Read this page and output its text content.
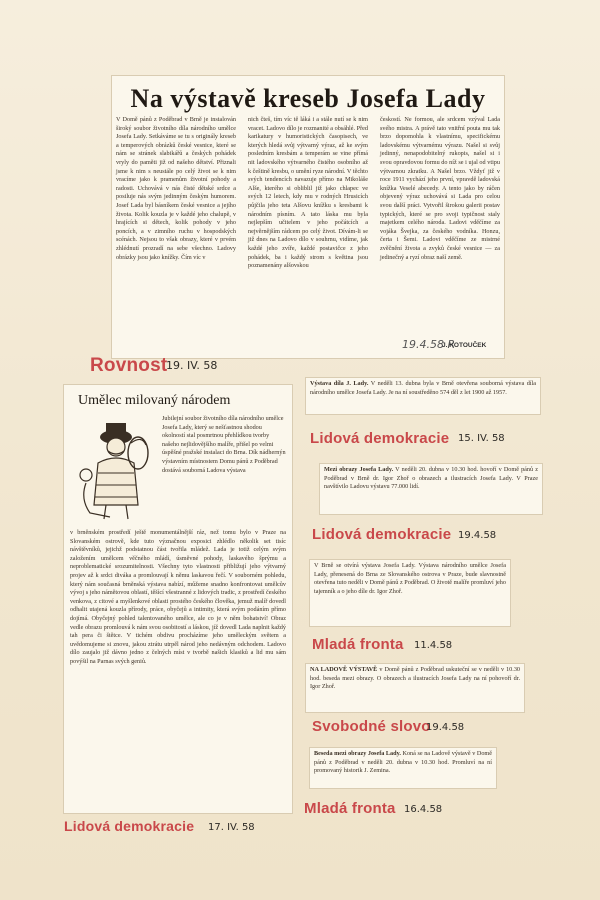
Na výstavě kreseb Josefa Lady

V Domě pánů z Poděbrad v Brně je instalován široký soubor životního díla národního umělce Josefa Lady. Setkáváme se tu s originály kreseb a temperových obrázků české vesnice, které se nám se stránek slabikářů a českých pohádek vryly do paměti již od našeho dětství. Přiznali jsme k nim s neustále po celý život se k nim vracíme jako k pramenům životní pohody a radosti. Uchovává v nás čisté dětské srdce a posiluje nás svým jedinným českým humorem. Josef Lada byl básníkem české vesnice a jejího života. Kolik kouzla je v každé jeho chalupě, v hrajících si dětech, kolik pohody v jeho poncích, a v zimního ruchu v hospodských scénách. Nejsou to však obrazy, které v prvém zhlédnutí prozradí na sebe všechno. Ladovy obrázky jsou jako knížky. Čím víc v

nich čteš, tím víc tě láká i a stále nutí se k nim vracet. Ladovo dílo je rozmanité a obsáhlé. Před karikatury v humoristických časopisech, ve kterých hledá svůj výtvarný výraz, až ke svým posledním kresbám a temperám se vine přímá nit ladovského výtvarného čistého osobního až k češtině kresbu, o umění ryze národní. V těchto svých tendencích navazuje přímo na Mikoláše Alše, kterého si obliblil již jako chlapec ve svých 12 letech, kdy mu v rodných Hrusicích půjčila jeho teta Alšovu knížku s kresbami k národním písním. A tato láska mu byla nejlepším učitelem v jeho počátcích a nejvěrnějším rádcem po celý život. Dívám-li se již dnes na Ladovo dílo v souhrnu, vidíme, jak každé jeho zvíře, každé postavičce z jeho pohádek, ba i každý strom s květina jsou poznamenány alšovskou

českostí. Ne formou, ale srdcem vzýval Lada svého mistra. A právě tato vnitřní pouta mu tak brzo dopomohla k vlastnímu, specifickému ladovskému výtvarnému výrazu. Našel si svůj jedinný, nenapodobitelný rukopis, našel si i svou opravdovou formu do níž se i ujal od vtipu výtvarnou zkratku. A Našel brzo. Vždyť již v roce 1911 vychází jeho první, vpravdě ladovská knížka Veselé abecedy. A tento jako by ráčen objevený výraz uchovává si Lada pro celou svou další práci. Vytvořil širokou galerii postav typických, které se pro svoji typičnost staly majetkem celého národa. Ladovi vděčíme za vojáka Švejka, za českého vodníka. Honzu, čerta i Šemi. Ladovi vděčíme ze mistrné zvěčnění života a zvyků české vesnice — za jedinečný a ryzí obraz naší země.

19.4.58 R
J. KOTOUČEK
Rovnost
19. IV. 58
Umělec milovaný národem

Jubilejní soubor životního díla národního umělce Josefa Lady, který se nešťastnou shodou okolností stal posmrtnou přehlídkou tvorby našeho nejlidovějšího malíře, přišel po velmi úspěšné pražské instalaci do Brna. Dík nádhernýn výstavním místnostem Domu pánů z Poděbrad dostává souborná Ladova výstava

v brněnském prostředí ještě monumentálnější ráz, než tomu bylo v Praze na Slovanském ostrově, kde tuto význačnou exposici zhlédlo několik set tisíc návštěvníků, jejichž podstatnou část tvořila mládež. Lada je totiž celým svým založením umělcem věčného mládí, úsměvné pohody, laskavého šprýmu a neproblematické srozumitelnosti. Všechny tyto vlastnosti přibližují jeho výtvarný projev až k srdci diváka a promlouvají k němu laskavou řečí. V souborném pohledu, který nám současná brněnská výstava nabízí, můžeme snadno konfrontovat umělcův vývoj s jeho námětovou oblastí, těšící všestranné z lidových tradic, z prostředí českého venkova, z citové a myšlenkové oblasti prostého českého člověka, jemuž malíř dovedl odhalit utajená kouzla přírody, práce, obyčejů a intimity, která svým podáním přímo dojímá. Obyčejný pohled talentovaného umělce, ale co je v něm bohatství! Obraz vedle obrazu promlouvá k nám svou osobitostí a láskou, jíž dovedl Lada naplnit každý tah pera či štětce. V tichém obdivu procházíme jeho uměleckým světem a uvědomujeme si znovu, jakou ztrátu utrpěl národ jeho nedávným odchodem. Ladovo dílo zaujalo již dávno jedno z čelných míst v tvorbě našich klasiků a lid mu sám povýšil na Parnas svých geniů.

Lidová demokracie 17. IV. 58

Výstava díla J. Lady. V neděli 13. dubna byla v Brně otevřena souborná výstava díla národního umělce Josefa Lady. Je na ní soustředěno 574 děl z let 1900 až 1957.

Lidová demokracie 15. IV. 58

Mezi obrazy Josefa Lady. V neděli 20. dubna v 10.30 hod. hovoří v Domě pánů z Poděbrad v Brně dr. Igor Zhoř o obrazech a ilustracích Josefa Lady. V Praze navštívilo Ladovu výstavu 77.000 lidí.

Lidová demokracie 19.4.58

V Brně se otvírá výstava Josefa Lady. Výstava národního umělce Josefa Lady, přenesená do Brna ze Slovanského ostrova v Praze, bude slavnostně otevřena tuto neděli v Domě pánů z Poděbrad. O životě malíře promluví jeho tajemník a o jeho díle dr. Igor Zhoř.

Mladá fronta 11.4.58

NA LADOVĚ VÝSTAVĚ v Domě pánů z Poděbrad uskuteční se v neděli v 10.30 hod. beseda mezi obrazy. O obrazech a ilustracích Josefa Lady na ní pohovoří dr. Igor Zhoř.

Svobodné slovo
19.4.58

Beseda mezi obrazy Josefa Lady. Koná se na Ladově výstavě v Domě pánů z Poděbrad v neděli 20. dubna v 10.30 hod. Promluví na ní promovaný historik J. Zemina.

Mladá fronta 16.4.58
